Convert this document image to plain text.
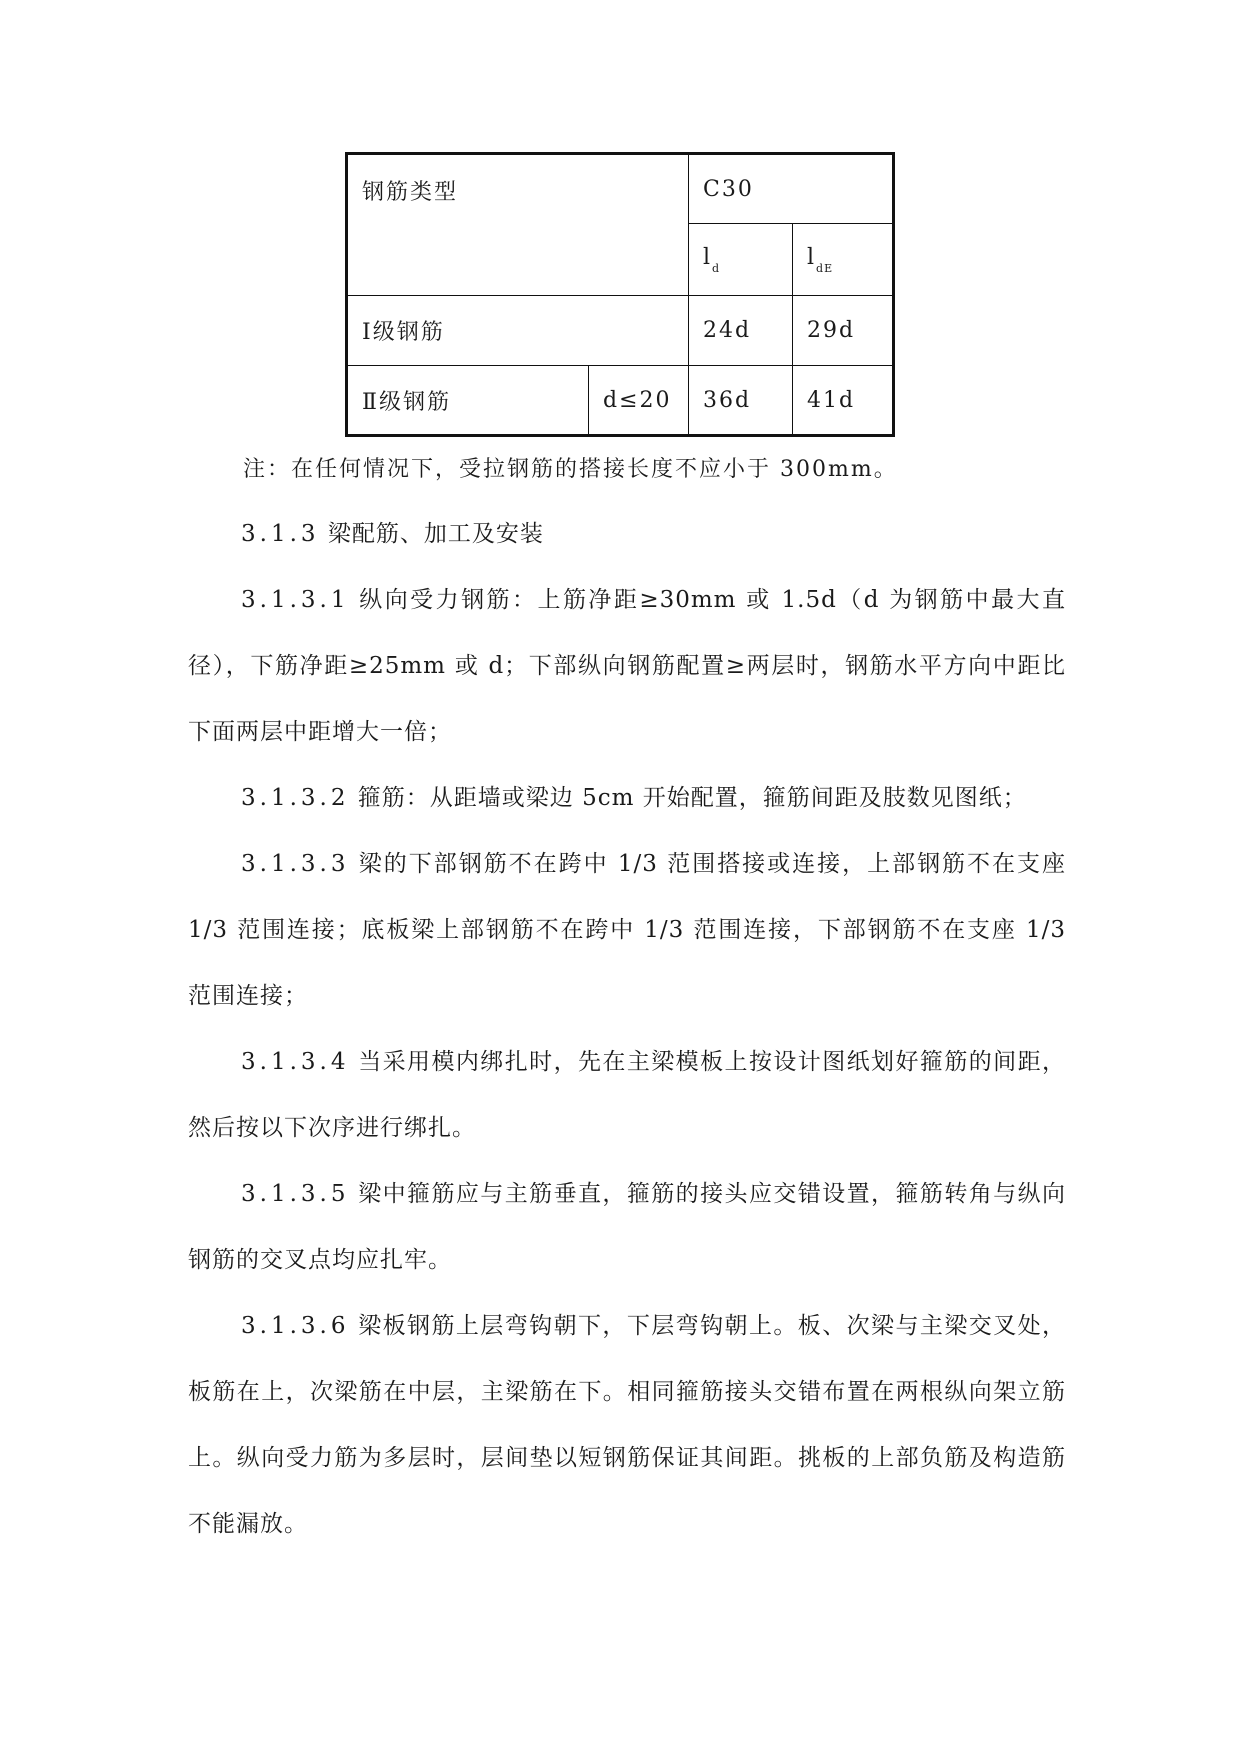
钢筋类型		C30	
		$l_d$	$l_{dE}$
Ⅰ级钢筋		24d	29d
Ⅱ级钢筋	d≤20	36d	41d
注：在任何情况下，受拉钢筋的搭接长度不应小于 300mm。
3.1.3 梁配筋、加工及安装
3.1.3.1 纵向受力钢筋：上筋净距≥30mm 或 1.5d（d 为钢筋中最大直径），下筋净距≥25mm 或 d；下部纵向钢筋配置≥两层时，钢筋水平方向中距比下面两层中距增大一倍；
3.1.3.2 箍筋：从距墙或梁边 5cm 开始配置，箍筋间距及肢数见图纸；
3.1.3.3 梁的下部钢筋不在跨中 1/3 范围搭接或连接，上部钢筋不在支座 1/3 范围连接；底板梁上部钢筋不在跨中 1/3 范围连接，下部钢筋不在支座 1/3 范围连接；
3.1.3.4 当采用模内绑扎时，先在主梁模板上按设计图纸划好箍筋的间距，然后按以下次序进行绑扎。
3.1.3.5 梁中箍筋应与主筋垂直，箍筋的接头应交错设置，箍筋转角与纵向钢筋的交叉点均应扎牢。
3.1.3.6 梁板钢筋上层弯钩朝下，下层弯钩朝上。板、次梁与主梁交叉处，板筋在上，次梁筋在中层，主梁筋在下。相同箍筋接头交错布置在两根纵向架立筋上。纵向受力筋为多层时，层间垫以短钢筋保证其间距。挑板的上部负筋及构造筋不能漏放。
